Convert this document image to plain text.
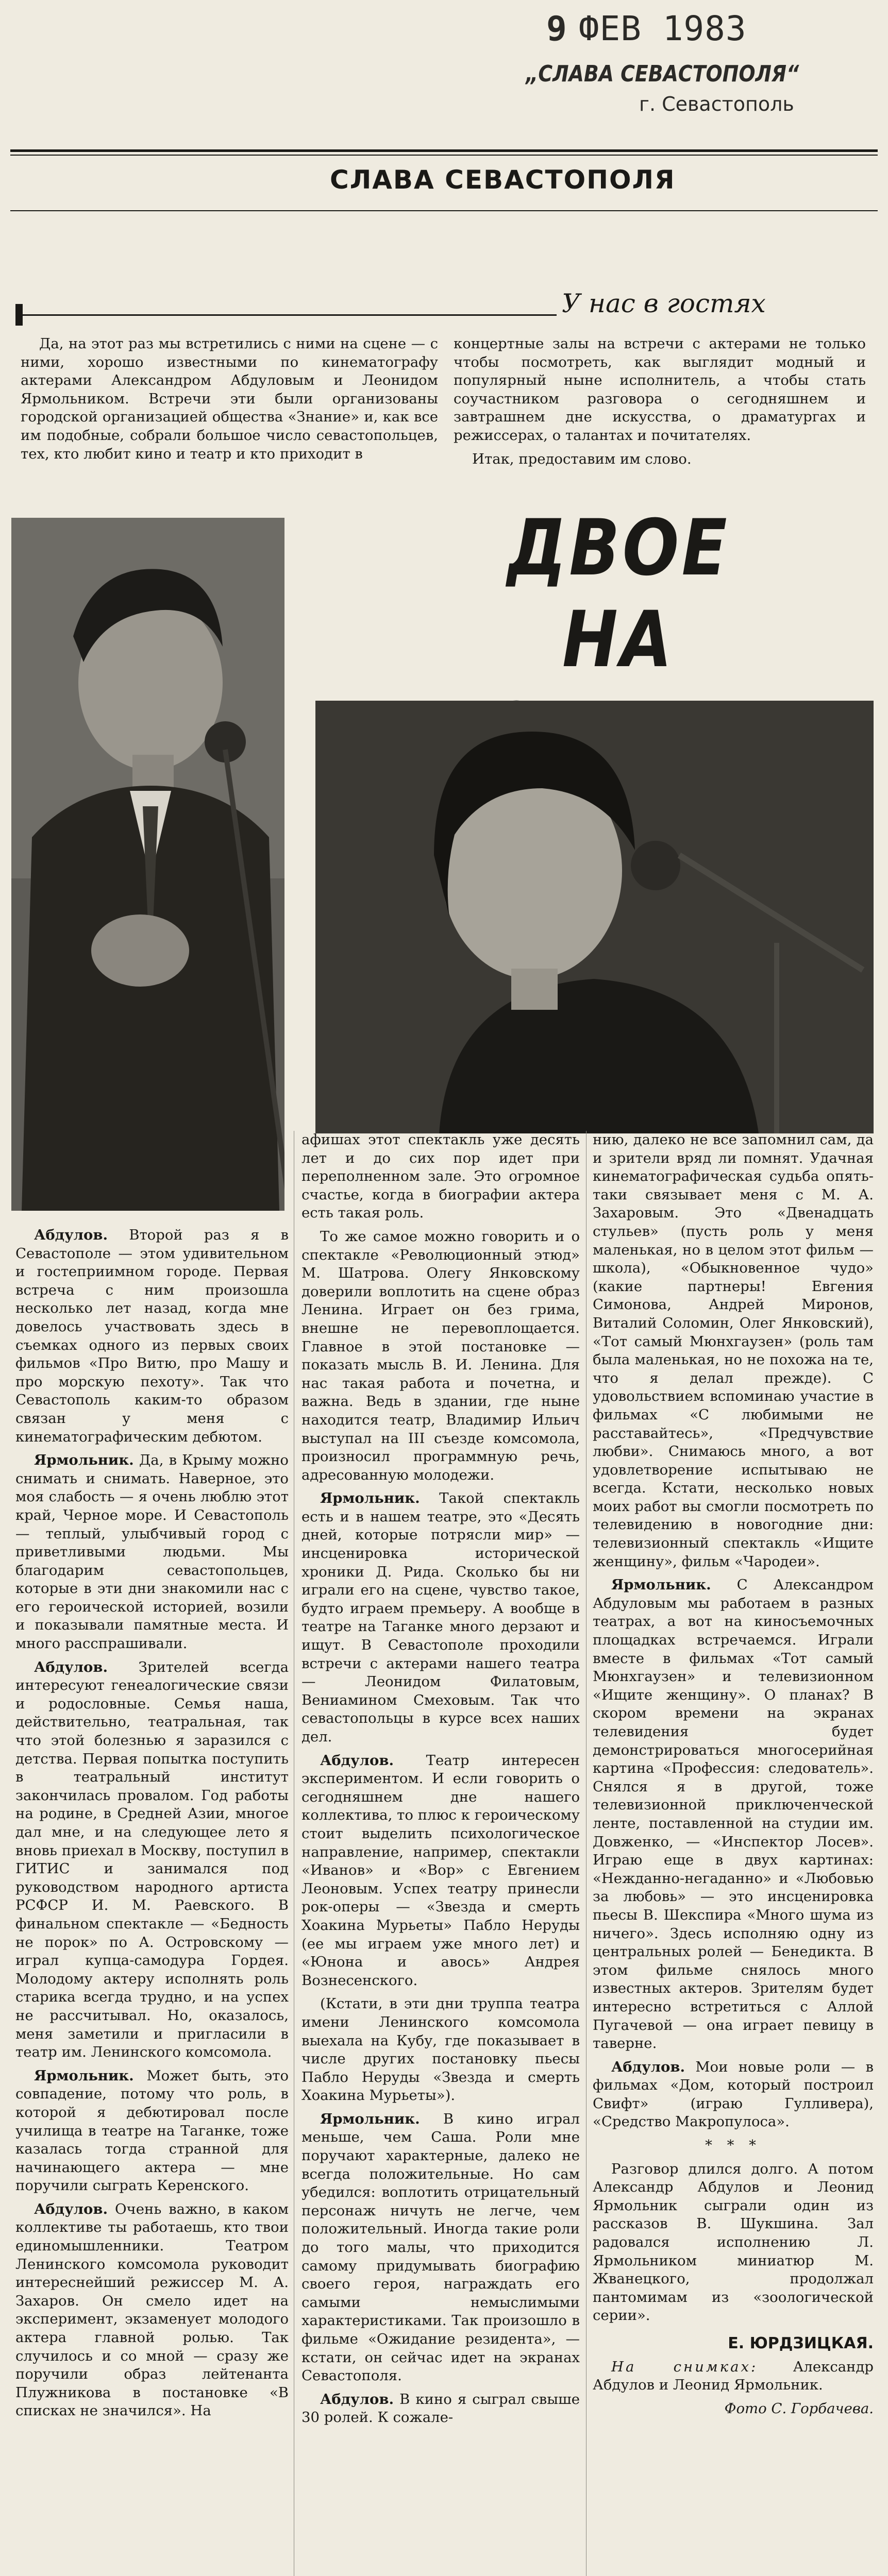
9 ФЕВ 1983
„СЛАВА СЕВАСТОПОЛЯ“
г. Севастополь
СЛАВА СЕВАСТОПОЛЯ
У нас в гостях

Да, на этот раз мы встретились с ними на сцене — с ними, хорошо известными по кинематографу актерами Александром Абдуловым и Леонидом Ярмольником. Встречи эти были организованы городской организацией общества «Знание» и, как все им подобные, собрали большое число севастопольцев, тех, кто любит кино и театр и кто приходит в

концертные залы на встречи с актерами не только чтобы посмотреть, как выглядит модный и популярный ныне исполнитель, а чтобы стать соучастником разговора о сегодняшнем и завтрашнем дне искусства, о драматургах и режиссерах, о талантах и почитателях.

Итак, предоставим им слово.

ДВОЕ
НА

Абдулов. Второй раз я в Севастополе — этом удивительном и гостеприимном городе. Первая встреча с ним произошла несколько лет назад, когда мне довелось участвовать здесь в съемках одного из первых своих фильмов «Про Витю, про Машу и про морскую пехоту». Так что Севастополь каким-то образом связан у меня с кинематографическим дебютом.

Ярмольник. Да, в Крыму можно снимать и снимать. Наверное, это моя слабость — я очень люблю этот край, Черное море. И Севастополь — теплый, улыбчивый город с приветливыми людьми. Мы благодарим севастопольцев, которые в эти дни знакомили нас с его героической историей, возили и показывали памятные места. И много расспрашивали.

Абдулов. Зрителей всегда интересуют генеалогические связи и родословные. Семья наша, действительно, театральная, так что этой болезнью я заразился с детства. Первая попытка поступить в театральный институт закончилась провалом. Год работы на родине, в Средней Азии, многое дал мне, и на следующее лето я вновь приехал в Москву, поступил в ГИТИС и занимался под руководством народного артиста РСФСР И. М. Раевского. В финальном спектакле — «Бедность не порок» по А. Островскому — играл купца-самодура Гордея. Молодому актеру исполнять роль старика всегда трудно, и на успех не рассчитывал. Но, оказалось, меня заметили и пригласили в театр им. Ленинского комсомола.

Ярмольник. Может быть, это совпадение, потому что роль, в которой я дебютировал после училища в театре на Таганке, тоже казалась тогда странной для начинающего актера — мне поручили сыграть Керенского.

Абдулов. Очень важно, в каком коллективе ты работаешь, кто твои единомышленники. Театром Ленинского комсомола руководит интереснейший режиссер М. А. Захаров. Он смело идет на эксперимент, экзаменует молодого актера главной ролью. Так случилось и со мной — сразу же поручили образ лейтенанта Плужникова в постановке «В списках не значился». На

афишах этот спектакль уже десять лет и до сих пор идет при переполненном зале. Это огромное счастье, когда в биографии актера есть такая роль.

То же самое можно говорить и о спектакле «Революционный этюд» М. Шатрова. Олегу Янковскому доверили воплотить на сцене образ Ленина. Играет он без грима, внешне не перевоплощается. Главное в этой постановке — показать мысль В. И. Ленина. Для нас такая работа и почетна, и важна. Ведь в здании, где ныне находится театр, Владимир Ильич выступал на III съезде комсомола, произносил программную речь, адресованную молодежи.

Ярмольник. Такой спектакль есть и в нашем театре, это «Десять дней, которые потрясли мир» — инсценировка исторической хроники Д. Рида. Сколько бы ни играли его на сцене, чувство такое, будто играем премьеру. А вообще в театре на Таганке много дерзают и ищут. В Севастополе проходили встречи с актерами нашего театра — Леонидом Филатовым, Вениамином Смеховым. Так что севастопольцы в курсе всех наших дел.

Абдулов. Театр интересен экспериментом. И если говорить о сегодняшнем дне нашего коллектива, то плюс к героическому стоит выделить психологическое направление, например, спектакли «Иванов» и «Вор» с Евгением Леоновым. Успех театру принесли рок-оперы — «Звезда и смерть Хоакина Мурьеты» Пабло Неруды (ее мы играем уже много лет) и «Юнона и авось» Андрея Вознесенского.

(Кстати, в эти дни труппа театра имени Ленинского комсомола выехала на Кубу, где показывает в числе других постановку пьесы Пабло Неруды «Звезда и смерть Хоакина Мурьеты»).

Ярмольник. В кино играл меньше, чем Саша. Роли мне поручают характерные, далеко не всегда положительные. Но сам убедился: воплотить отрицательный персонаж ничуть не легче, чем положительный. Иногда такие роли до того малы, что приходится самому придумывать биографию своего героя, награждать его самыми немыслимыми характеристиками. Так произошло в фильме «Ожидание резидента», — кстати, он сейчас идет на экранах Севастополя.

Абдулов. В кино я сыграл свыше 30 ролей. К сожале-

нию, далеко не все запомнил сам, да и зрители вряд ли помнят. Удачная кинематографическая судьба опять-таки связывает меня с М. А. Захаровым. Это «Двенадцать стульев» (пусть роль у меня маленькая, но в целом этот фильм — школа), «Обыкновенное чудо» (какие партнеры! Евгения Симонова, Андрей Миронов, Виталий Соломин, Олег Янковский), «Тот самый Мюнхгаузен» (роль там была маленькая, но не похожа на те, что я делал прежде). С удовольствием вспоминаю участие в фильмах «С любимыми не расставайтесь», «Предчувствие любви». Снимаюсь много, а вот удовлетворение испытываю не всегда. Кстати, несколько новых моих работ вы смогли посмотреть по телевидению в новогодние дни: телевизионный спектакль «Ищите женщину», фильм «Чародеи».

Ярмольник. С Александром Абдуловым мы работаем в разных театрах, а вот на киносъемочных площадках встречаемся. Играли вместе в фильмах «Тот самый Мюнхгаузен» и телевизионном «Ищите женщину». О планах? В скором времени на экранах телевидения будет демонстрироваться многосерийная картина «Профессия: следователь». Снялся я в другой, тоже телевизионной приключенческой ленте, поставленной на студии им. Довженко, — «Инспектор Лосев». Играю еще в двух картинах: «Нежданно-негаданно» и «Любовью за любовь» — это инсценировка пьесы В. Шекспира «Много шума из ничего». Здесь исполняю одну из центральных ролей — Бенедикта. В этом фильме снялось много известных актеров. Зрителям будет интересно встретиться с Аллой Пугачевой — она играет певицу в таверне.

Абдулов. Мои новые роли — в фильмах «Дом, который построил Свифт» (играю Гулливера), «Средство Макропулоса».

* * *

Разговор длился долго. А потом Александр Абдулов и Леонид Ярмольник сыграли один из рассказов В. Шукшина. Зал радовался исполнению Л. Ярмольником миниатюр М. Жванецкого, продолжал пантомимам из «зоологической серии».

Е. ЮРДЗИЦКАЯ.

На снимках: Александр Абдулов и Леонид Ярмольник.

Фото С. Горбачева.
